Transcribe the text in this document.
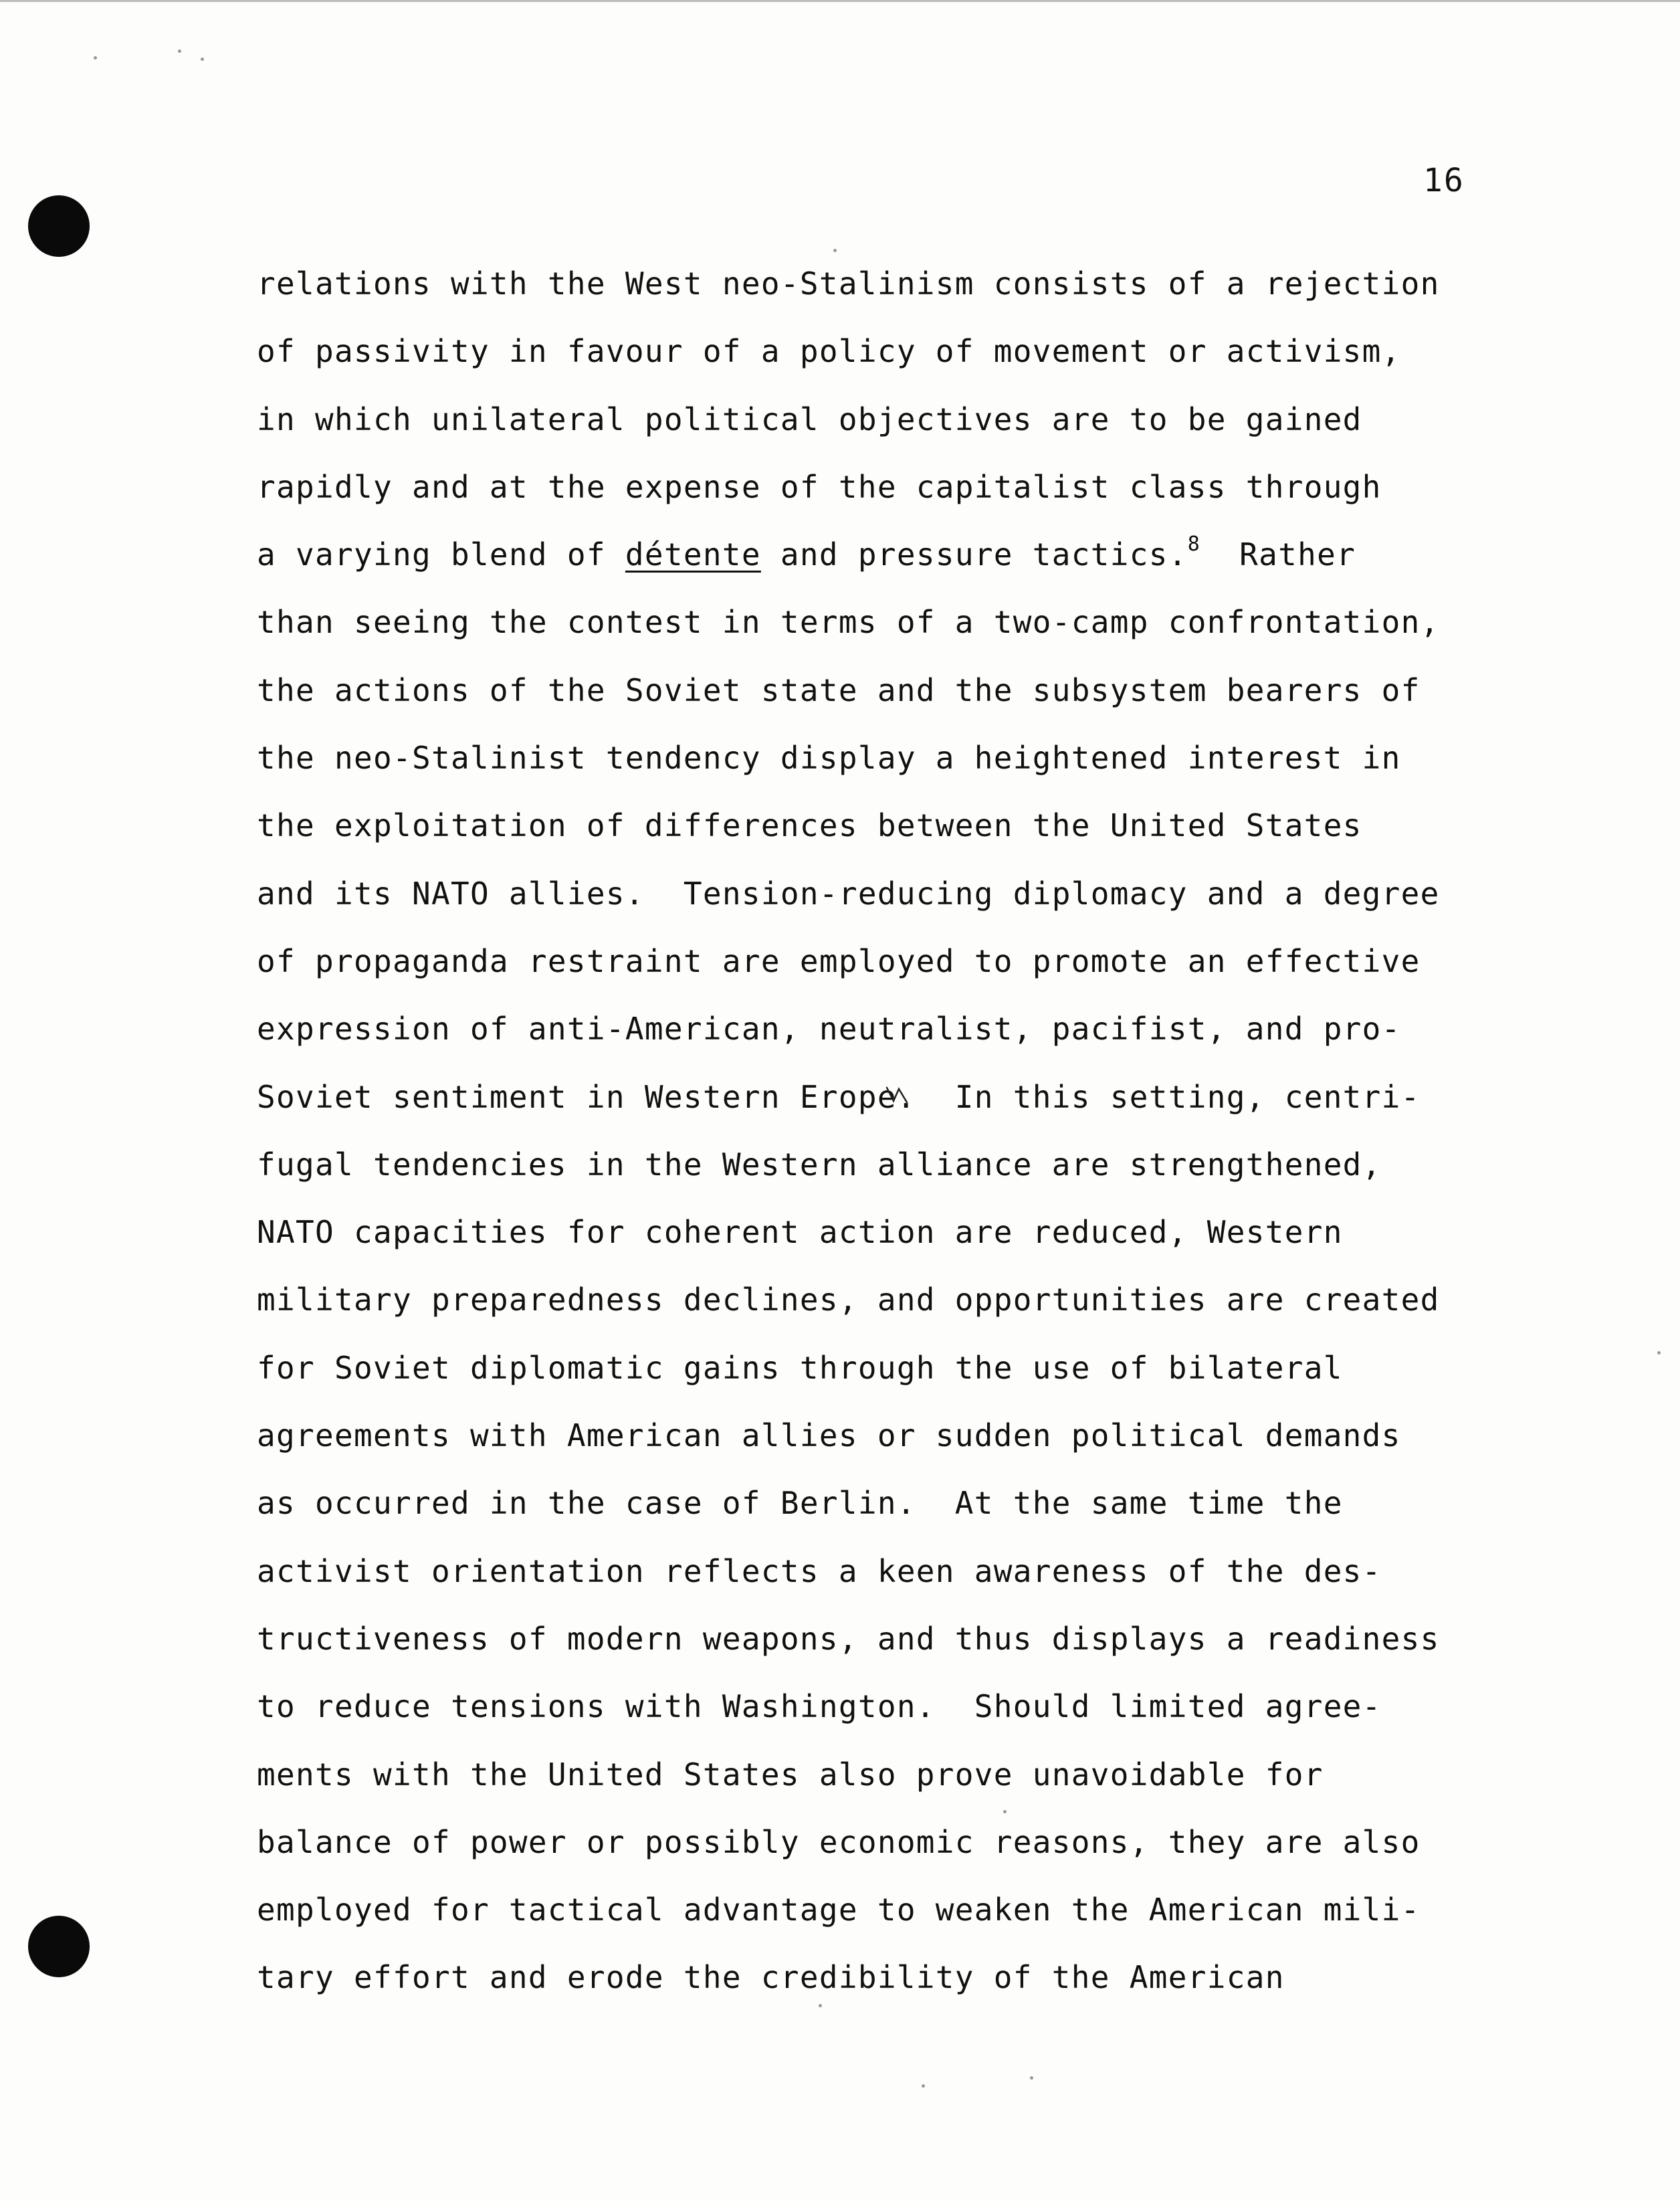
16
relations with the West neo-Stalinism consists of a rejection
of passivity in favour of a policy of movement or activism,
in which unilateral political objectives are to be gained
rapidly and at the expense of the capitalist class through
a varying blend of détente and pressure tactics.$^8$  Rather
than seeing the contest in terms of a two-camp confrontation,
the actions of the Soviet state and the subsystem bearers of
the neo-Stalinist tendency display a heightened interest in
the exploitation of differences between the United States
and its NATO allies.  Tension-reducing diplomacy and a degree
of propaganda restraint are employed to promote an effective
expression of anti-American, neutralist, pacifist, and pro-
Soviet sentiment in Western Erope.  In this setting, centri-
fugal tendencies in the Western alliance are strengthened,
NATO capacities for coherent action are reduced, Western
military preparedness declines, and opportunities are created
for Soviet diplomatic gains through the use of bilateral
agreements with American allies or sudden political demands
as occurred in the case of Berlin.  At the same time the
activist orientation reflects a keen awareness of the des-
tructiveness of modern weapons, and thus displays a readiness
to reduce tensions with Washington.  Should limited agree-
ments with the United States also prove unavoidable for
balance of power or possibly economic reasons, they are also
employed for tactical advantage to weaken the American mili-
tary effort and erode the credibility of the American
